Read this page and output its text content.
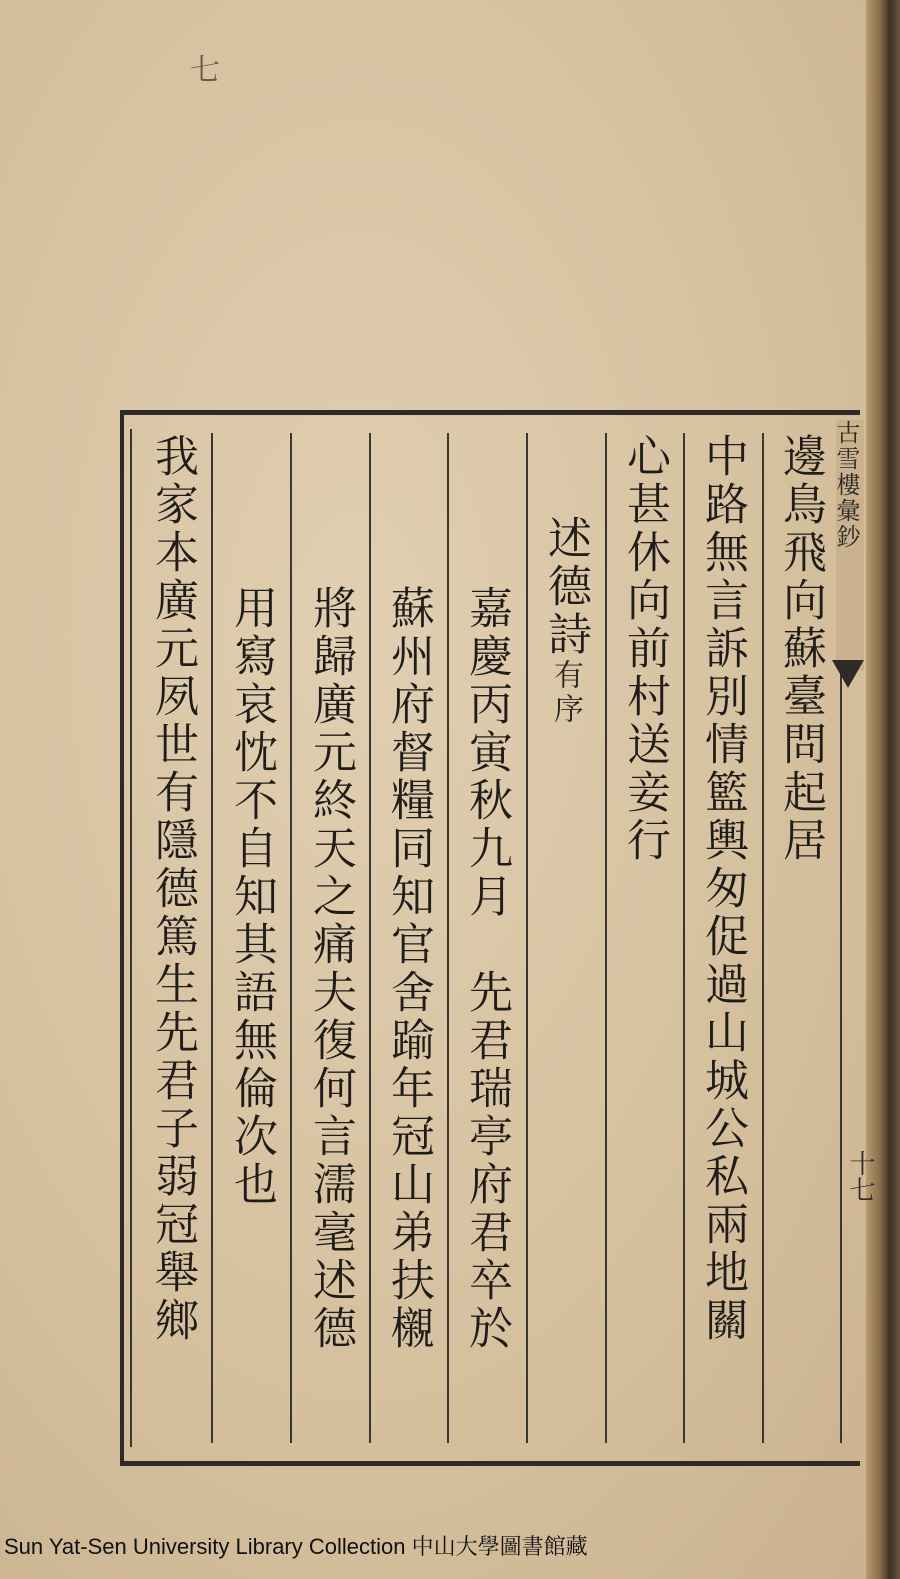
七
邊鳥飛向蘇臺問起居
中路無言訴別情籃輿匆促過山城公私兩地關
心甚休向前村送妾行
述德詩有序
嘉慶丙寅秋九月　先君瑞亭府君卒於
蘇州府督糧同知官舍踰年冠山弟扶櫬
將歸廣元終天之痛夫復何言濡毫述德
用寫哀忱不自知其語無倫次也
我家本廣元夙世有隱德篤生先君子弱冠舉鄉	古雪樓彙鈔
十七
Sun Yat-Sen University Library Collection 中山大學圖書館藏
